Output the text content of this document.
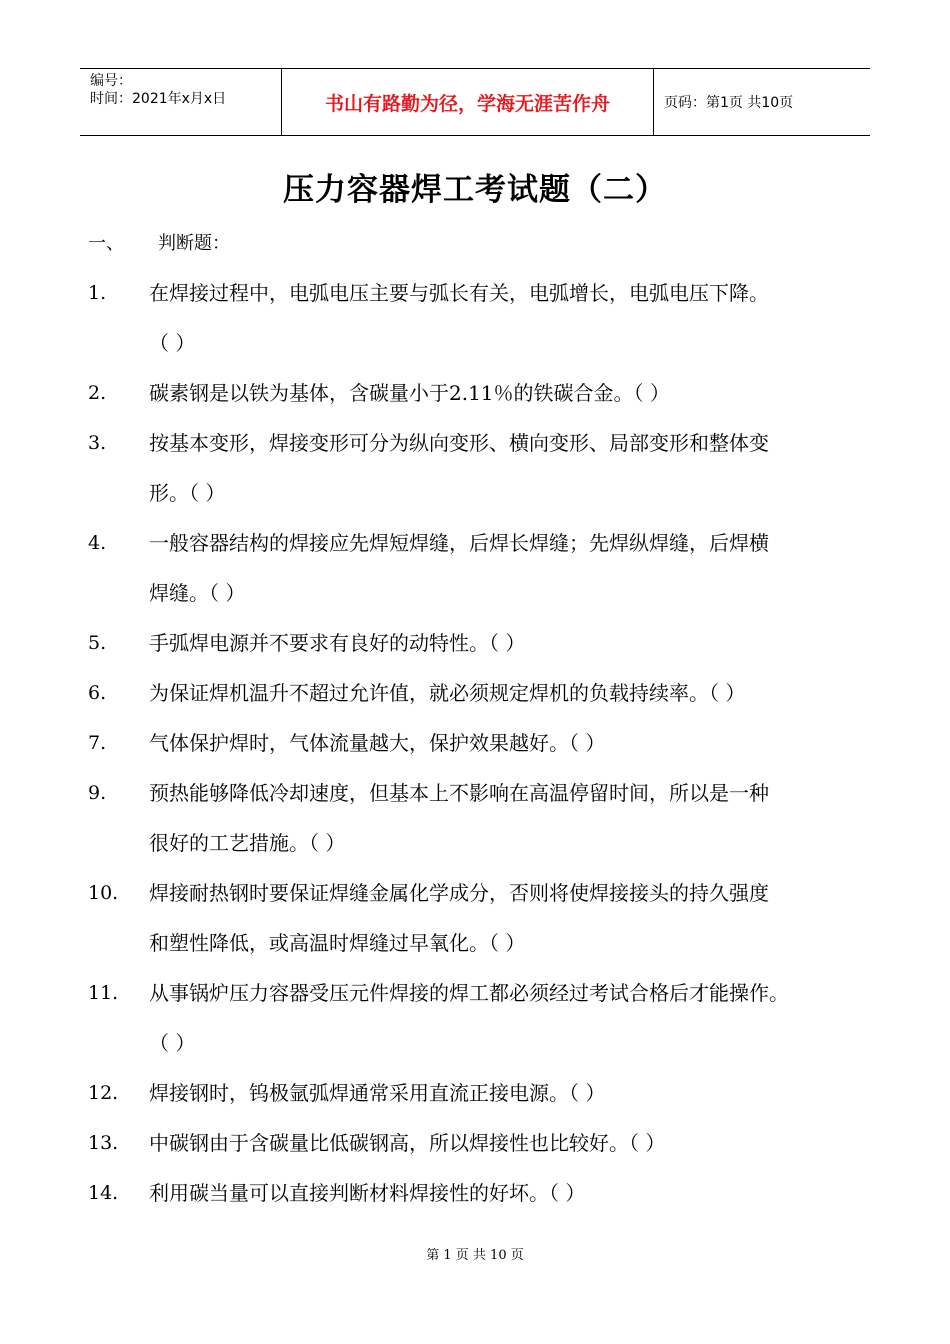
编号：
时间：2021年x月x日	书山有路勤为径，学海无涯苦作舟	页码：第1页 共10页
压力容器焊工考试题（二）
一、 判断题：
1. 在焊接过程中，电弧电压主要与弧长有关，电弧增长，电弧电压下降。
（ ）
2. 碳素钢是以铁为基体，含碳量小于2.11％的铁碳合金。（ ）
3. 按基本变形，焊接变形可分为纵向变形、横向变形、局部变形和整体变
形。（ ）
4. 一般容器结构的焊接应先焊短焊缝，后焊长焊缝；先焊纵焊缝，后焊横
焊缝。（ ）
5. 手弧焊电源并不要求有良好的动特性。（ ）
6. 为保证焊机温升不超过允许值，就必须规定焊机的负载持续率。（ ）
7. 气体保护焊时，气体流量越大，保护效果越好。（ ）
9. 预热能够降低冷却速度，但基本上不影响在高温停留时间，所以是一种
很好的工艺措施。（ ）
10. 焊接耐热钢时要保证焊缝金属化学成分，否则将使焊接接头的持久强度
和塑性降低，或高温时焊缝过早氧化。（ ）
11. 从事锅炉压力容器受压元件焊接的焊工都必须经过考试合格后才能操作。
（ ）
12. 焊接钢时，钨极氩弧焊通常采用直流正接电源。（ ）
13. 中碳钢由于含碳量比低碳钢高，所以焊接性也比较好。（ ）
14. 利用碳当量可以直接判断材料焊接性的好坏。（ ）
第 1 页 共 10 页
